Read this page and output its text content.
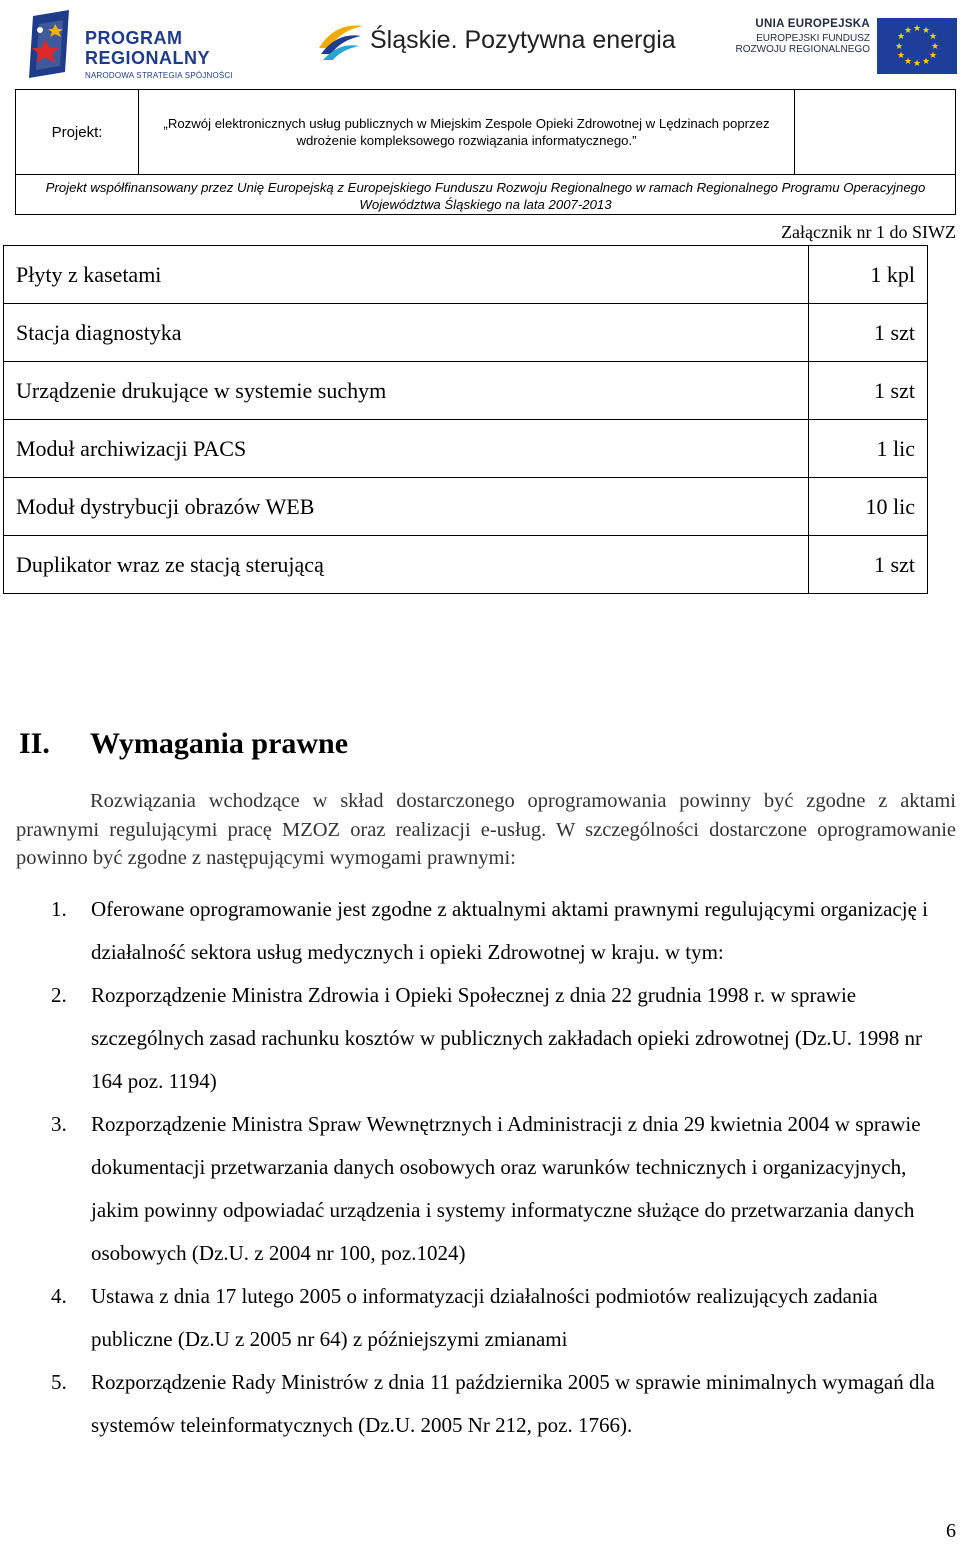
PROGRAM
REGIONALNY
NARODOWA STRATEGIA SPÓJNOŚCI
Śląskie. Pozytywna energia
UNIA EUROPEJSKA
EUROPEJSKI FUNDUSZ
ROZWOJU REGIONALNEGO
★ ★
★
★
★
★
★
★
★
★
★
★
Projekt:	„Rozwój elektronicznych usług publicznych w Miejskim Zespole Opieki Zdrowotnej w Lędzinach poprzez wdrożenie kompleksowego rozwiązania informatycznego.”
Projekt współfinansowany przez Unię Europejską z Europejskiego Funduszu Rozwoju Regionalnego w ramach Regionalnego Programu Operacyjnego Województwa Śląskiego na lata 2007-2013
Załącznik nr 1 do SIWZ
Płyty z kasetami	1 kpl
Stacja diagnostyka	1 szt
Urządzenie drukujące w systemie suchym	1 szt
Moduł archiwizacji PACS	1 lic
Moduł dystrybucji obrazów WEB	10 lic
Duplikator wraz ze stacją sterującą	1 szt
II. Wymagania prawne
Rozwiązania wchodzące w skład dostarczonego oprogramowania powinny być zgodne z aktami prawnymi regulującymi pracę MZOZ oraz realizacji e-usług. W szczególności dostarczone oprogramowanie powinno być zgodne z następującymi wymogami prawnymi:
1. Oferowane oprogramowanie jest zgodne z aktualnymi aktami prawnymi regulującymi organizację i działalność sektora usług medycznych i opieki Zdrowotnej w kraju. w tym:
2. Rozporządzenie Ministra Zdrowia i Opieki Społecznej z dnia 22 grudnia 1998 r. w sprawie szczególnych zasad rachunku kosztów w publicznych zakładach opieki zdrowotnej (Dz.U. 1998 nr 164 poz. 1194)
3. Rozporządzenie Ministra Spraw Wewnętrznych i Administracji z dnia 29 kwietnia 2004 w sprawie dokumentacji przetwarzania danych osobowych oraz warunków technicznych i organizacyjnych, jakim powinny odpowiadać urządzenia i systemy informatyczne służące do przetwarzania danych osobowych (Dz.U. z 2004 nr 100, poz.1024)
4. Ustawa z dnia 17 lutego 2005 o informatyzacji działalności podmiotów realizujących zadania publiczne (Dz.U z 2005 nr 64) z późniejszymi zmianami
5. Rozporządzenie Rady Ministrów z dnia 11 października 2005 w sprawie minimalnych wymagań dla systemów teleinformatycznych (Dz.U. 2005 Nr 212, poz. 1766).
6
